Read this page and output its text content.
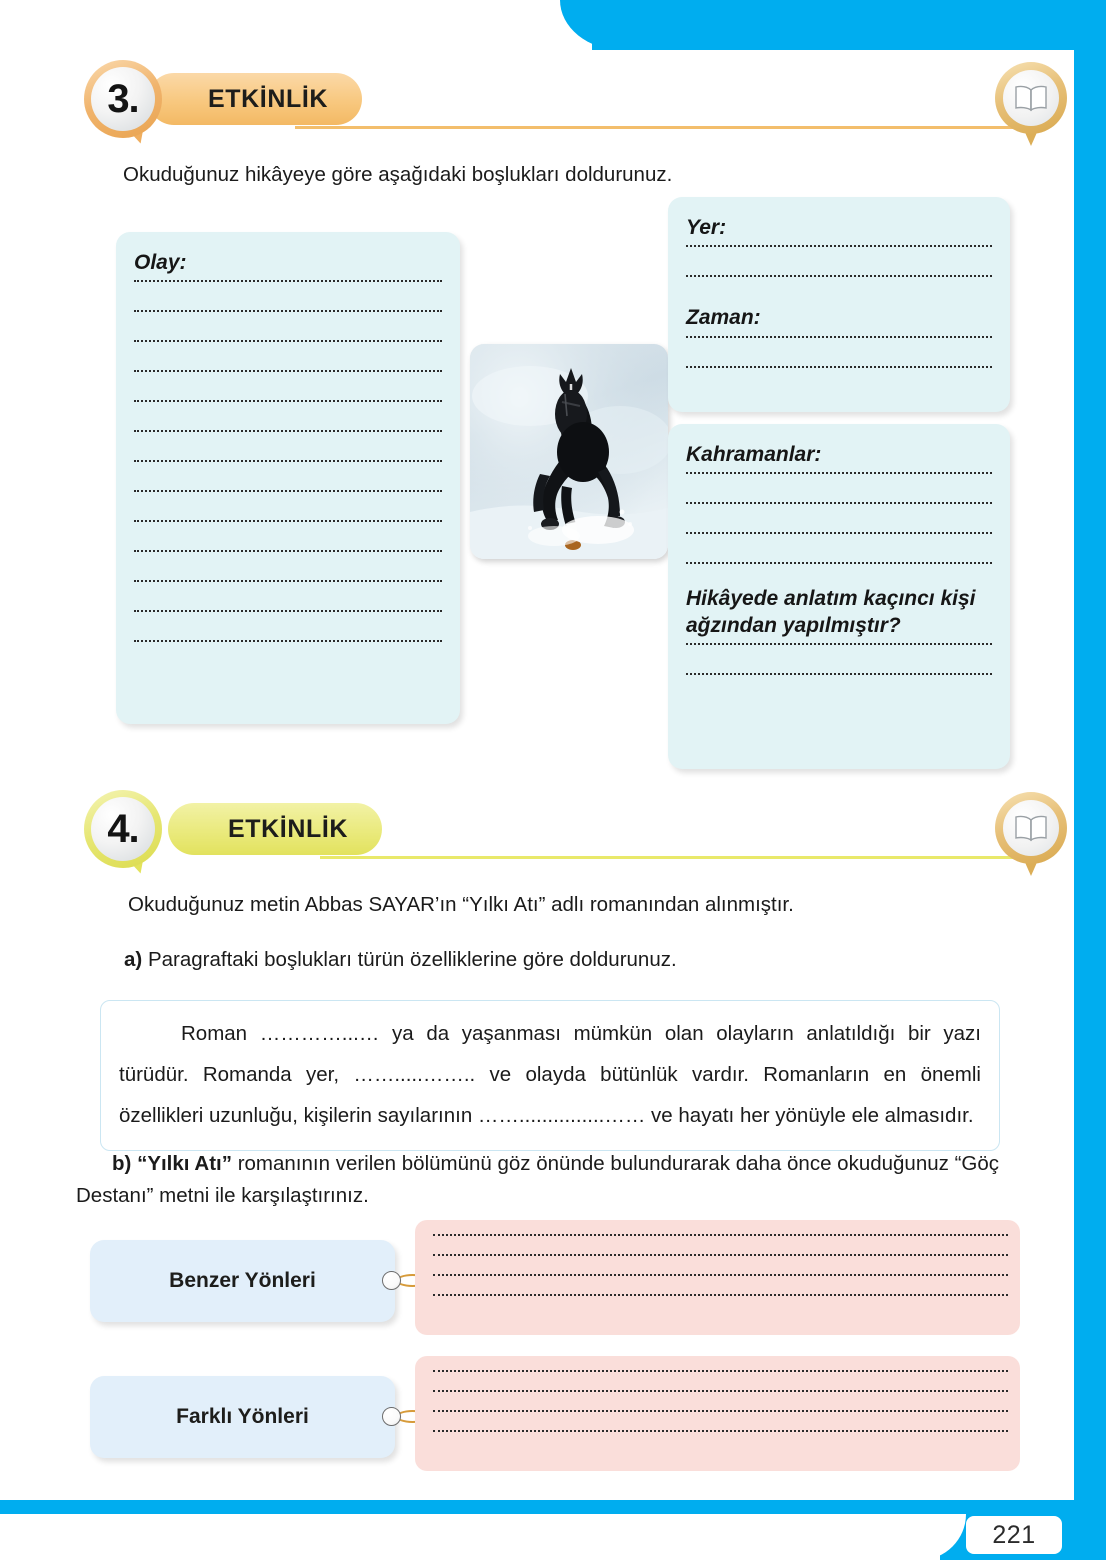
ETKİNLİK
3.
Okuduğunuz hikâyeye göre aşağıdaki boşlukları doldurunuz.
Olay:
Yer:
Zaman:
Kahramanlar:
Hikâyede anlatım kaçıncı kişi ağzından yapılmıştır?
ETKİNLİK
4.
Okuduğunuz metin Abbas SAYAR’ın “Yılkı Atı” adlı romanından alınmıştır.
a) Paragraftaki boşlukları türün özelliklerine göre doldurunuz.
Roman …………...… ya da yaşanması mümkün olan olayların anlatıldığı bir yazı türüdür. Romanda yer, …….....…….. ve olayda bütünlük vardır. Romanların en önemli özellikleri uzunluğu, kişilerin sayılarının ……...............…… ve hayatı her yönüyle ele almasıdır.
b) “Yılkı Atı” romanının verilen bölümünü göz önünde bulundurarak daha önce okuduğunuz “Göç Destanı” metni ile karşılaştırınız.
Benzer Yönleri
Farklı Yönleri
221
